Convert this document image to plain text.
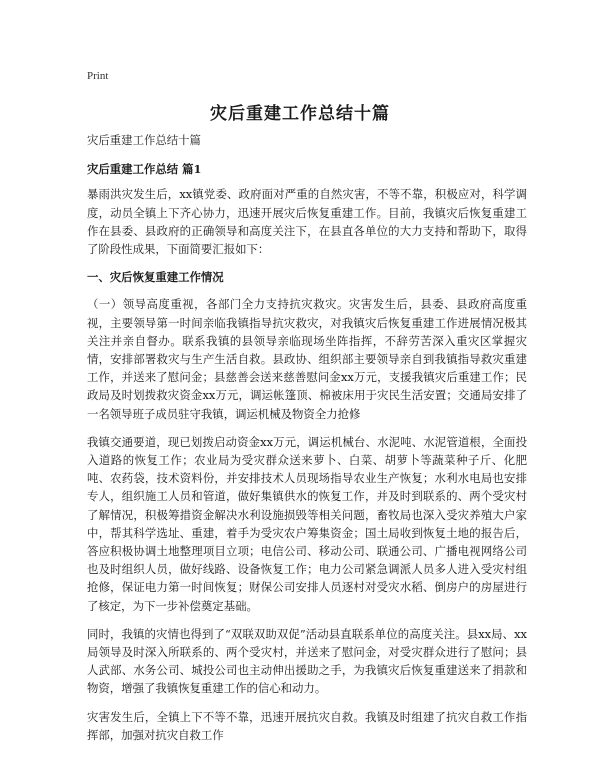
Print
灾后重建工作总结十篇

灾后重建工作总结十篇

灾后重建工作总结 篇1

暴雨洪灾发生后，xx镇党委、政府面对严重的自然灾害，不等不靠，积极应对，科学调度，动员全镇上下齐心协力，迅速开展灾后恢复重建工作。目前，我镇灾后恢复重建工作在县委、县政府的正确领导和高度关注下，在县直各单位的大力支持和帮助下，取得了阶段性成果，下面简要汇报如下：

一、灾后恢复重建工作情况

（一）领导高度重视，各部门全力支持抗灾救灾。灾害发生后，县委、县政府高度重视，主要领导第一时间亲临我镇指导抗灾救灾，对我镇灾后恢复重建工作进展情况极其关注并亲自督办。联系我镇的县领导亲临现场坐阵指挥，不辞劳苦深入重灾区掌握灾情，安排部署救灾与生产生活自救。县政协、组织部主要领导亲自到我镇指导救灾重建工作，并送来了慰问金；县慈善会送来慈善慰问金xx万元，支援我镇灾后重建工作；民政局及时划拨救灾资金xx万元，调运帐篷顶、棉被床用于灾民生活安置；交通局安排了一名领导班子成员驻守我镇，调运机械及物资全力抢修

我镇交通要道，现已划拨启动资金xx万元，调运机械台、水泥吨、水泥管道根，全面投入道路的恢复工作；农业局为受灾群众送来萝卜、白菜、胡萝卜等蔬菜种子斤、化肥吨、农药袋，技术资料份，并安排技术人员现场指导农业生产恢复；水利水电局也安排专人，组织施工人员和管道，做好集镇供水的恢复工作，并及时到联系的、两个受灾村了解情况，积极筹措资金解决水利设施损毁等相关问题，畜牧局也深入受灾养殖大户家中，帮其科学选址、重建，着手为受灾农户筹集资金；国土局收到恢复土地的报告后，答应积极协调土地整理项目立项；电信公司、移动公司、联通公司、广播电视网络公司也及时组织人员，做好线路、设备恢复工作；电力公司紧急调派人员多人进入受灾村组抢修，保证电力第一时间恢复；财保公司安排人员逐村对受灾水稻、倒房户的房屋进行了核定，为下一步补偿奠定基础。

同时，我镇的灾情也得到了“双联双助双促”活动县直联系单位的高度关注。县xx局、xx局领导及时深入所联系的、两个受灾村，并送来了慰问金，对受灾群众进行了慰问；县人武部、水务公司、城投公司也主动伸出援助之手，为我镇灾后恢复重建送来了捐款和物资，增强了我镇恢复重建工作的信心和动力。

灾害发生后，全镇上下不等不靠，迅速开展抗灾自救。我镇及时组建了抗灾自救工作指挥部，加强对抗灾自救工作
